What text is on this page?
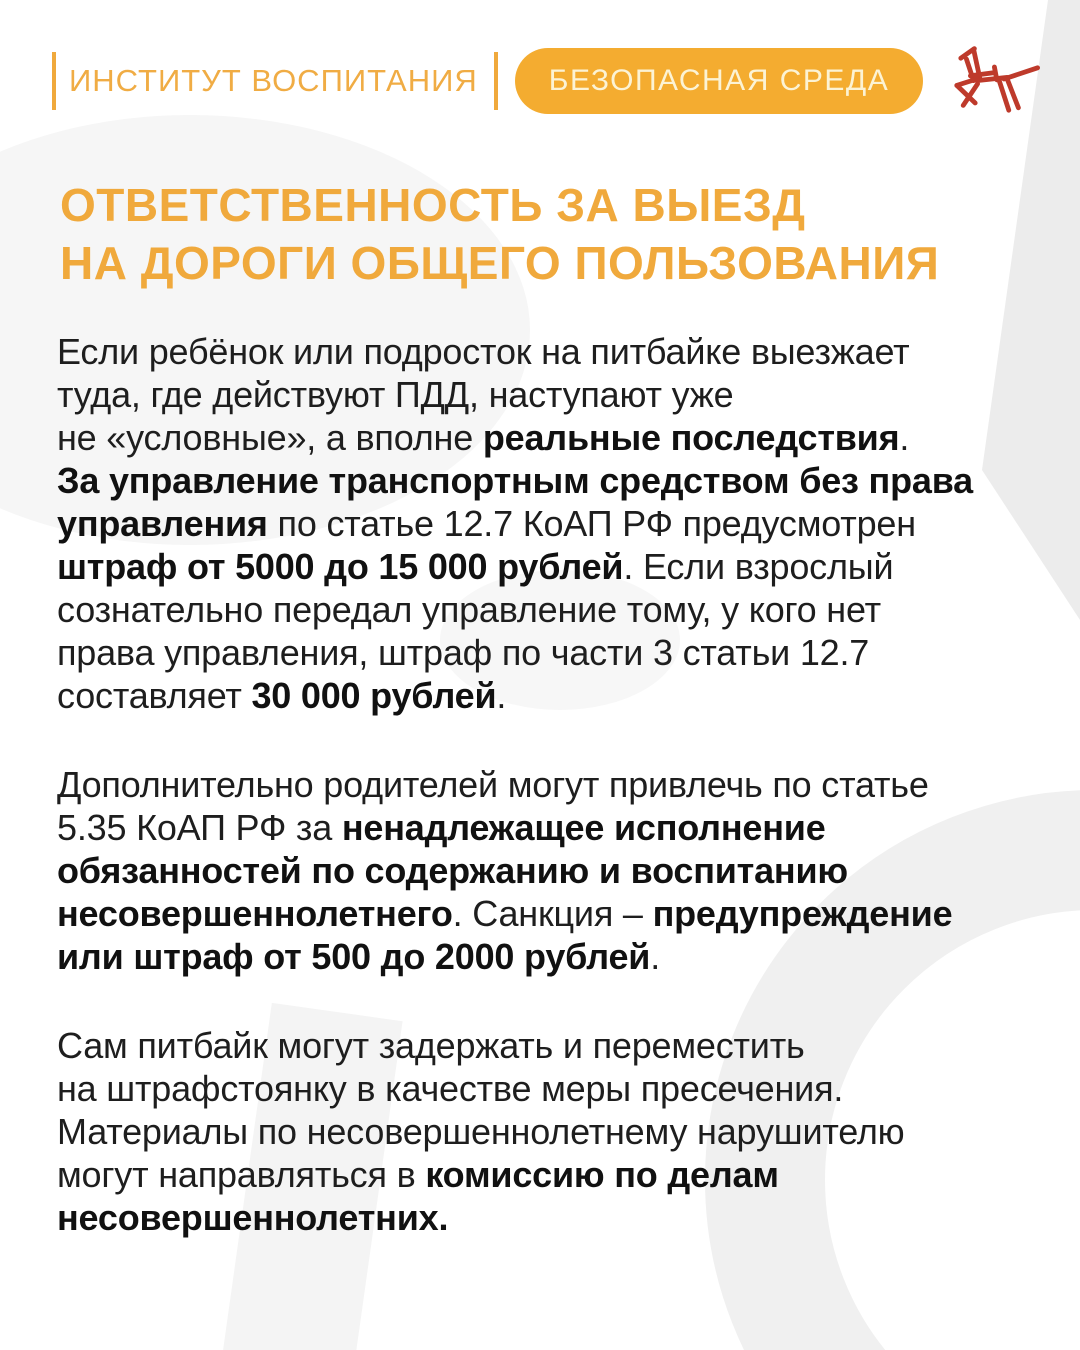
ИНСТИТУТ ВОСПИТАНИЯ	БЕЗОПАСНАЯ СРЕДА
ОТВЕТСТВЕННОСТЬ ЗА ВЫЕЗД
НА ДОРОГИ ОБЩЕГО ПОЛЬЗОВАНИЯ
Если ребёнок или подросток на питбайке выезжает
туда, где действуют ПДД, наступают уже
не «условные», а вполне реальные последствия.
За управление транспортным средством без права
управления по статье 12.7 КоАП РФ предусмотрен
штраф от 5000 до 15 000 рублей. Если взрослый
сознательно передал управление тому, у кого нет
права управления, штраф по части 3 статьи 12.7
составляет 30 000 рублей.
Дополнительно родителей могут привлечь по статье
5.35 КоАП РФ за ненадлежащее исполнение
обязанностей по содержанию и воспитанию
несовершеннолетнего. Санкция – предупреждение
или штраф от 500 до 2000 рублей.
Сам питбайк могут задержать и переместить
на штрафстоянку в качестве меры пресечения.
Материалы по несовершеннолетнему нарушителю
могут направляться в комиссию по делам
несовершеннолетних.
